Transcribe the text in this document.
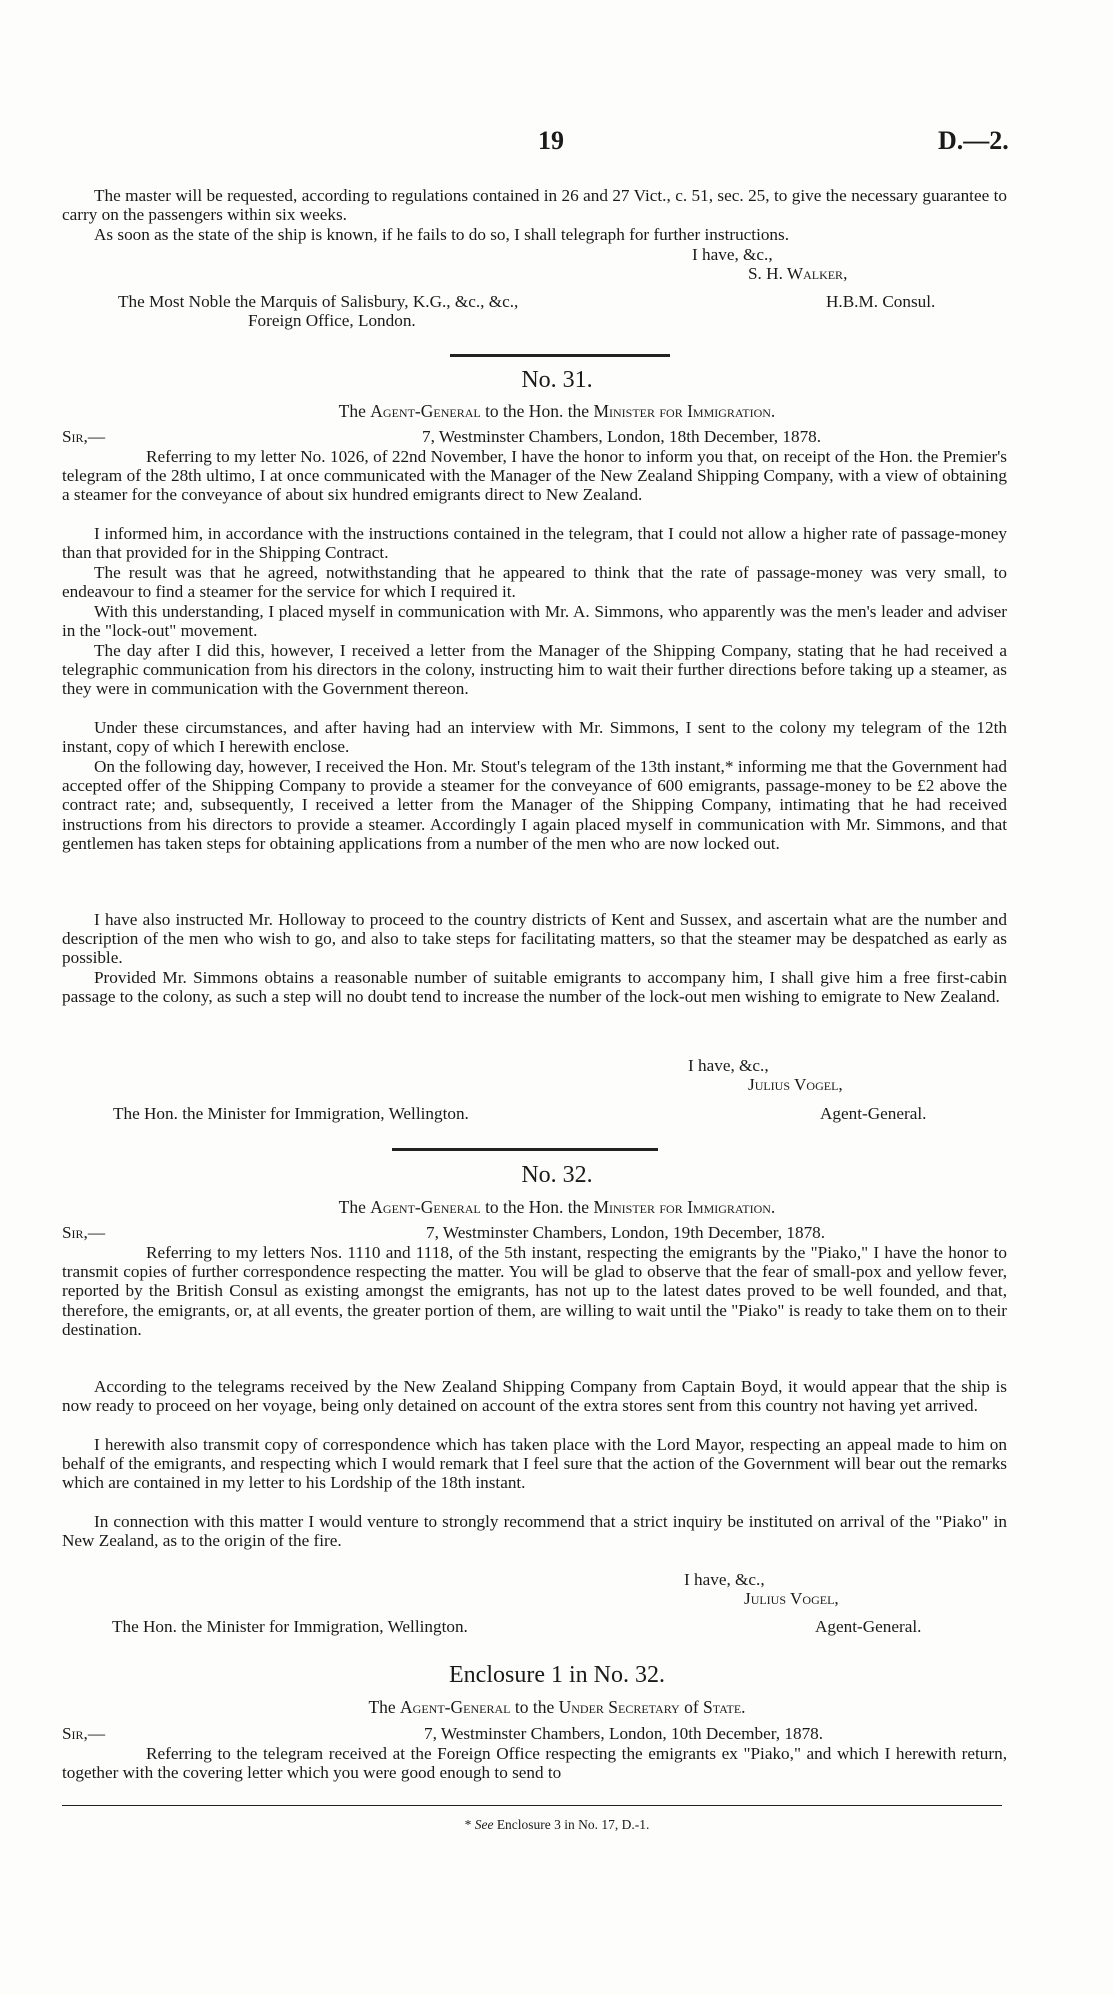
19	D.—2.

The master will be requested, according to regulations contained in 26 and 27 Vict., c. 51, sec. 25, to give the necessary guarantee to carry on the passengers within six weeks.

As soon as the state of the ship is known, if he fails to do so, I shall telegraph for further instructions.

I have, &c.,
S. H. Walker,
The Most Noble the Marquis of Salisbury, K.G., &c., &c.,	H.B.M. Consul.
Foreign Office, London.
No. 31.
The Agent-General to the Hon. the Minister for Immigration.
Sir,—	7, Westminster Chambers, London, 18th December, 1878.

Referring to my letter No. 1026, of 22nd November, I have the honor to inform you that, on receipt of the Hon. the Premier's telegram of the 28th ultimo, I at once communicated with the Manager of the New Zealand Shipping Company, with a view of obtaining a steamer for the conveyance of about six hundred emigrants direct to New Zealand.

I informed him, in accordance with the instructions contained in the telegram, that I could not allow a higher rate of passage-money than that provided for in the Shipping Contract.

The result was that he agreed, notwithstanding that he appeared to think that the rate of passage-money was very small, to endeavour to find a steamer for the service for which I required it.

With this understanding, I placed myself in communication with Mr. A. Simmons, who apparently was the men's leader and adviser in the "lock-out" movement.

The day after I did this, however, I received a letter from the Manager of the Shipping Company, stating that he had received a telegraphic communication from his directors in the colony, instructing him to wait their further directions before taking up a steamer, as they were in communication with the Government thereon.

Under these circumstances, and after having had an interview with Mr. Simmons, I sent to the colony my telegram of the 12th instant, copy of which I herewith enclose.

On the following day, however, I received the Hon. Mr. Stout's telegram of the 13th instant,* informing me that the Government had accepted offer of the Shipping Company to provide a steamer for the conveyance of 600 emigrants, passage-money to be £2 above the contract rate; and, subsequently, I received a letter from the Manager of the Shipping Company, intimating that he had received instructions from his directors to provide a steamer. Accordingly I again placed myself in communication with Mr. Simmons, and that gentlemen has taken steps for obtaining applications from a number of the men who are now locked out.

I have also instructed Mr. Holloway to proceed to the country districts of Kent and Sussex, and ascertain what are the number and description of the men who wish to go, and also to take steps for facilitating matters, so that the steamer may be despatched as early as possible.

Provided Mr. Simmons obtains a reasonable number of suitable emigrants to accompany him, I shall give him a free first-cabin passage to the colony, as such a step will no doubt tend to increase the number of the lock-out men wishing to emigrate to New Zealand.

I have, &c.,
Julius Vogel,
The Hon. the Minister for Immigration, Wellington.	Agent-General.
No. 32.
The Agent-General to the Hon. the Minister for Immigration.
Sir,—	7, Westminster Chambers, London, 19th December, 1878.

Referring to my letters Nos. 1110 and 1118, of the 5th instant, respecting the emigrants by the "Piako," I have the honor to transmit copies of further correspondence respecting the matter. You will be glad to observe that the fear of small-pox and yellow fever, reported by the British Consul as existing amongst the emigrants, has not up to the latest dates proved to be well founded, and that, therefore, the emigrants, or, at all events, the greater portion of them, are willing to wait until the "Piako" is ready to take them on to their destination.

According to the telegrams received by the New Zealand Shipping Company from Captain Boyd, it would appear that the ship is now ready to proceed on her voyage, being only detained on account of the extra stores sent from this country not having yet arrived.

I herewith also transmit copy of correspondence which has taken place with the Lord Mayor, respecting an appeal made to him on behalf of the emigrants, and respecting which I would remark that I feel sure that the action of the Government will bear out the remarks which are contained in my letter to his Lordship of the 18th instant.

In connection with this matter I would venture to strongly recommend that a strict inquiry be instituted on arrival of the "Piako" in New Zealand, as to the origin of the fire.

I have, &c.,
Julius Vogel,
The Hon. the Minister for Immigration, Wellington.	Agent-General.
Enclosure 1 in No. 32.
The Agent-General to the Under Secretary of State.
Sir,—	7, Westminster Chambers, London, 10th December, 1878.

Referring to the telegram received at the Foreign Office respecting the emigrants ex "Piako," and which I herewith return, together with the covering letter which you were good enough to send to

* See Enclosure 3 in No. 17, D.-1.
